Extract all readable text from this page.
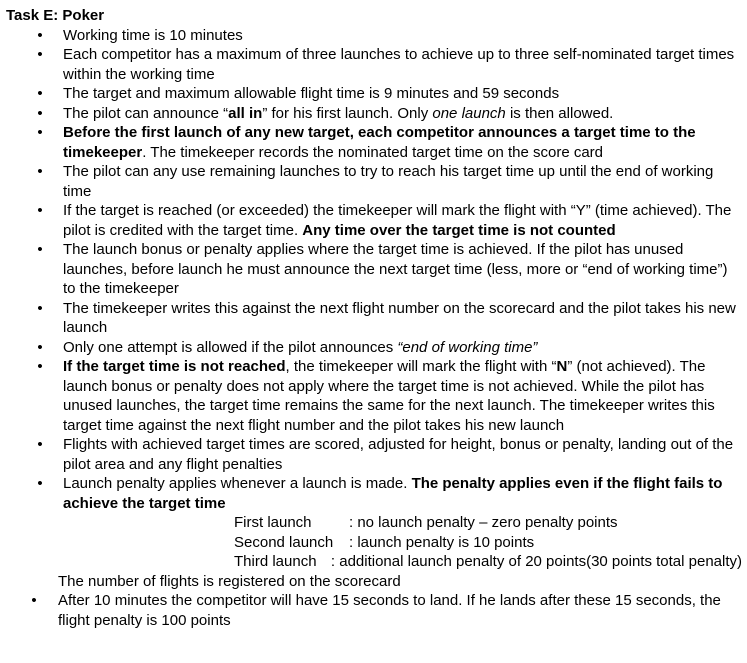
Task E: Poker
• Working time is 10 minutes
• Each competitor has a maximum of three launches to achieve up to three self-nominated target times within the working time
• The target and maximum allowable flight time is 9 minutes and 59 seconds
• The pilot can announce “all in” for his first launch. Only one launch is then allowed.
• Before the first launch of any new target, each competitor announces a target time to the timekeeper. The timekeeper records the nominated target time on the score card
• The pilot can any use remaining launches to try to reach his target time up until the end of working time
• If the target is reached (or exceeded) the timekeeper will mark the flight with “Y” (time achieved). The pilot is credited with the target time. Any time over the target time is not counted
• The launch bonus or penalty applies where the target time is achieved. If the pilot has unused launches, before launch he must announce the next target time (less, more or “end of working time”) to the timekeeper
• The timekeeper writes this against the next flight number on the scorecard and the pilot takes his new launch
• Only one attempt is allowed if the pilot announces “end of working time”
• If the target time is not reached, the timekeeper will mark the flight with “N” (not achieved). The launch bonus or penalty does not apply where the target time is not achieved. While the pilot has unused launches, the target time remains the same for the next launch. The timekeeper writes this target time against the next flight number and the pilot takes his new launch
• Flights with achieved target times are scored, adjusted for height, bonus or penalty, landing out of the pilot area and any flight penalties
• Launch penalty applies whenever a launch is made. The penalty applies even if the flight fails to achieve the target time
First launch	: no launch penalty – zero penalty points
Second launch	: launch penalty is 10 points
Third launch : additional launch penalty of 20 points(30 points total penalty)
The number of flights is registered on the scorecard
• After 10 minutes the competitor will have 15 seconds to land. If he lands after these 15 seconds, the flight penalty is 100 points
